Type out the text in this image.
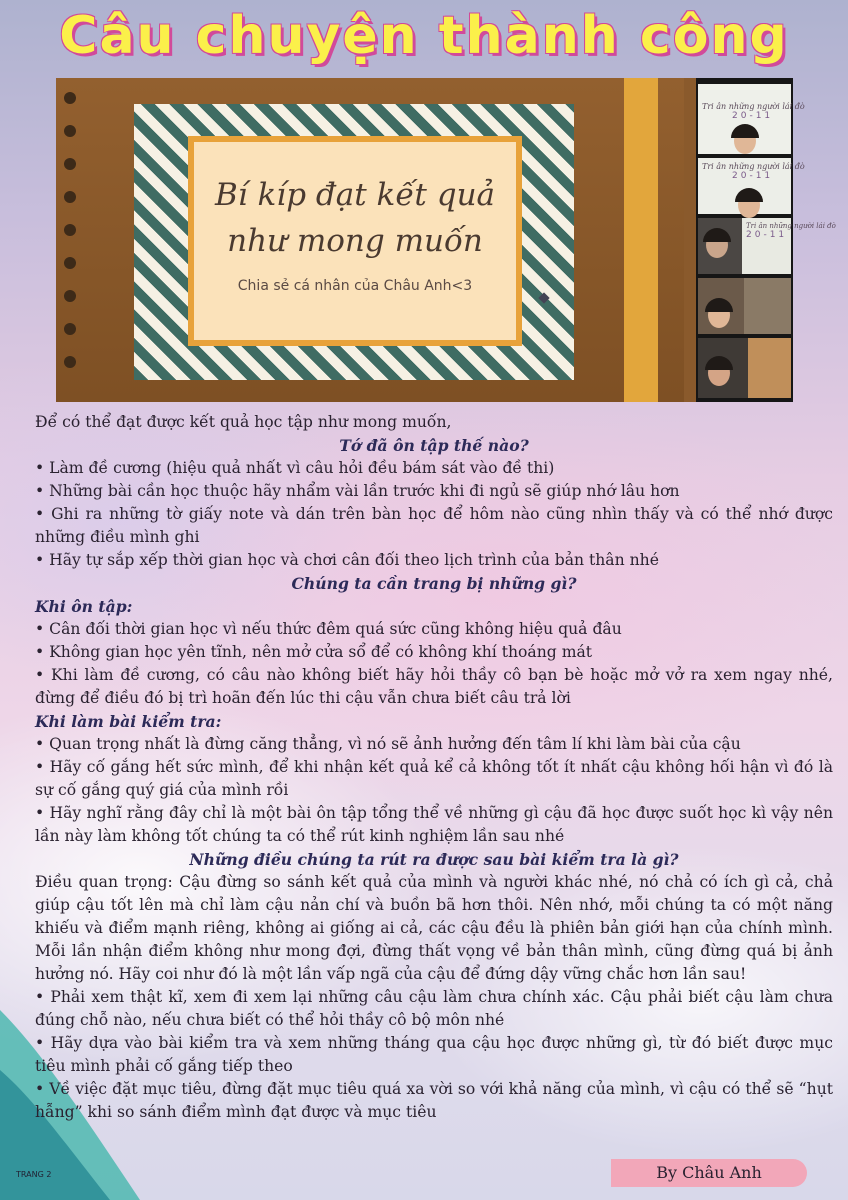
Câu chuyện thành công
Bí kíp đạt kết quả
như mong muốn
Chia sẻ cá nhân của Châu Anh<3
Tri ân những người lái đò
20-11
Tri ân những người lái đò
20-11
Tri ân những người lái đò
20-11

Để có thể đạt được kết quả học tập như mong muốn,

Tớ đã ôn tập thế nào?

• Làm đề cương (hiệu quả nhất vì câu hỏi đều bám sát vào đề thi)

• Những bài cần học thuộc hãy nhẩm vài lần trước khi đi ngủ sẽ giúp nhớ lâu hơn

• Ghi ra những tờ giấy note và dán trên bàn học để hôm nào cũng nhìn thấy và có thể nhớ được những điều mình ghi

• Hãy tự sắp xếp thời gian học và chơi cân đối theo lịch trình của bản thân nhé

Chúng ta cần trang bị những gì?

Khi ôn tập:

• Cân đối thời gian học vì nếu thức đêm quá sức cũng không hiệu quả đâu

• Không gian học yên tĩnh, nên mở cửa sổ để có không khí thoáng mát

• Khi làm đề cương, có câu nào không biết hãy hỏi thầy cô bạn bè hoặc mở vở ra xem ngay nhé, đừng để điều đó bị trì hoãn đến lúc thi cậu vẫn chưa biết câu trả lời

Khi làm bài kiểm tra:

• Quan trọng nhất là đừng căng thẳng, vì nó sẽ ảnh hưởng đến tâm lí khi làm bài của cậu

• Hãy cố gắng hết sức mình, để khi nhận kết quả kể cả không tốt ít nhất cậu không hối hận vì đó là sự cố gắng quý giá của mình rồi

• Hãy nghĩ rằng đây chỉ là một bài ôn tập tổng thể về những gì cậu đã học được suốt học kì vậy nên lần này làm không tốt chúng ta có thể rút kinh nghiệm lần sau nhé

Những điều chúng ta rút ra được sau bài kiểm tra là gì?

Điều quan trọng: Cậu đừng so sánh kết quả của mình và người khác nhé, nó chả có ích gì cả, chả giúp cậu tốt lên mà chỉ làm cậu nản chí và buồn bã hơn thôi. Nên nhớ, mỗi chúng ta có một năng khiếu và điểm mạnh riêng, không ai giống ai cả, các cậu đều là phiên bản giới hạn của chính mình. Mỗi lần nhận điểm không như mong đợi, đừng thất vọng về bản thân mình, cũng đừng quá bị ảnh hưởng nó. Hãy coi như đó là một lần vấp ngã của cậu để đứng dậy vững chắc hơn lần sau!

• Phải xem thật kĩ, xem đi xem lại những câu cậu làm chưa chính xác. Cậu phải biết cậu làm chưa đúng chỗ nào, nếu chưa biết có thể hỏi thầy cô bộ môn nhé

• Hãy dựa vào bài kiểm tra và xem những tháng qua cậu học được những gì, từ đó biết được mục tiêu mình phải cố gắng tiếp theo

• Về việc đặt mục tiêu, đừng đặt mục tiêu quá xa vời so với khả năng của mình, vì cậu có thể sẽ “hụt hẫng” khi so sánh điểm mình đạt được và mục tiêu

TRANG 2	By Châu Anh
